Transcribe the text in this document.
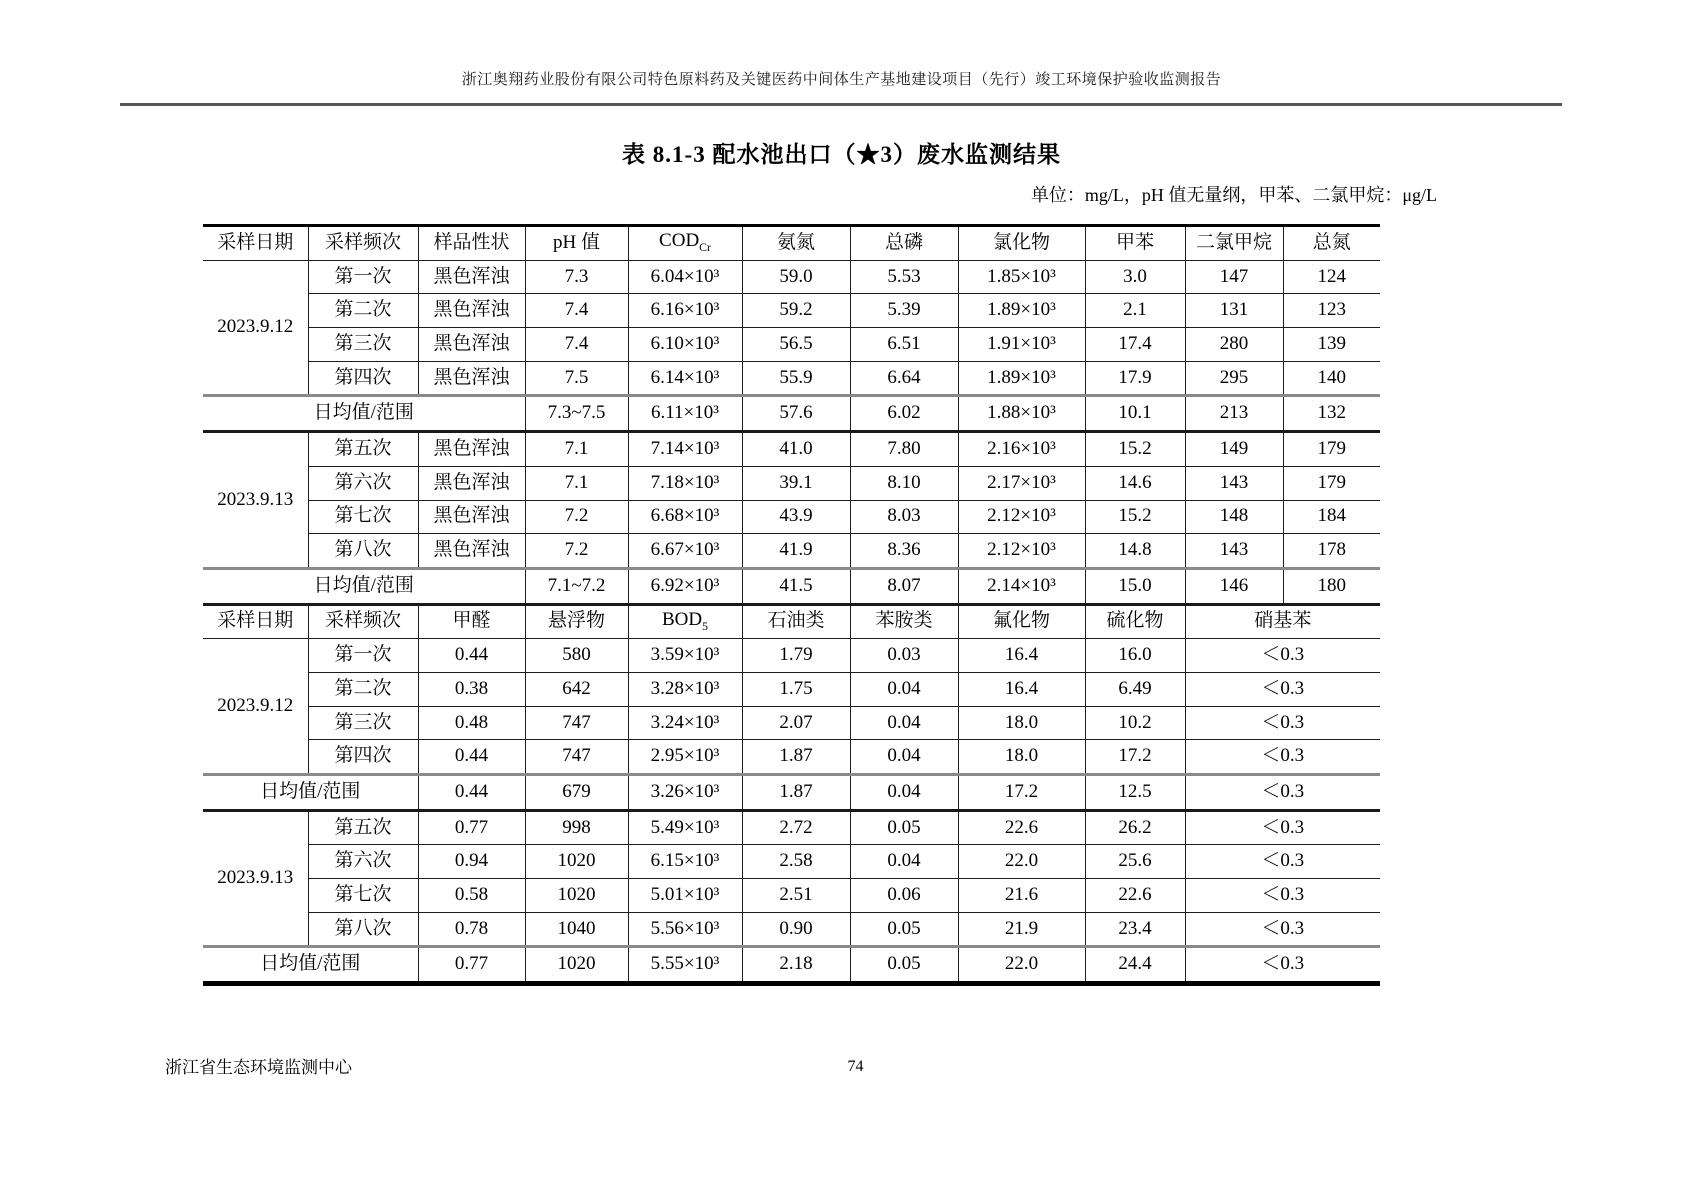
浙江奥翔药业股份有限公司特色原料药及关键医药中间体生产基地建设项目（先行）竣工环境保护验收监测报告
表 8.1-3 配水池出口（★3）废水监测结果
单位：mg/L，pH 值无量纲，甲苯、二氯甲烷：μg/L
采样日期	采样频次	样品性状	pH 值	$COD_{Cr}$	氨氮	总磷	氯化物	甲苯	二氯甲烷	总氮
2023.9.12	第一次	黑色浑浊	7.3	6.04×10³	59.0	5.53	1.85×10³	3.0	147	124
	第二次	黑色浑浊	7.4	6.16×10³	59.2	5.39	1.89×10³	2.1	131	123
	第三次	黑色浑浊	7.4	6.10×10³	56.5	6.51	1.91×10³	17.4	280	139
	第四次	黑色浑浊	7.5	6.14×10³	55.9	6.64	1.89×10³	17.9	295	140
日均值/范围			7.3~7.5	6.11×10³	57.6	6.02	1.88×10³	10.1	213	132
2023.9.13	第五次	黑色浑浊	7.1	7.14×10³	41.0	7.80	2.16×10³	15.2	149	179
	第六次	黑色浑浊	7.1	7.18×10³	39.1	8.10	2.17×10³	14.6	143	179
	第七次	黑色浑浊	7.2	6.68×10³	43.9	8.03	2.12×10³	15.2	148	184
	第八次	黑色浑浊	7.2	6.67×10³	41.9	8.36	2.12×10³	14.8	143	178
日均值/范围			7.1~7.2	6.92×10³	41.5	8.07	2.14×10³	15.0	146	180
采样日期	采样频次	甲醛	悬浮物	$BOD_5$	石油类	苯胺类	氟化物	硫化物	硝基苯	
2023.9.12	第一次	0.44	580	3.59×10³	1.79	0.03	16.4	16.0	＜0.3	
	第二次	0.38	642	3.28×10³	1.75	0.04	16.4	6.49	＜0.3	
	第三次	0.48	747	3.24×10³	2.07	0.04	18.0	10.2	＜0.3	
	第四次	0.44	747	2.95×10³	1.87	0.04	18.0	17.2	＜0.3	
日均值/范围		0.44	679	3.26×10³	1.87	0.04	17.2	12.5	＜0.3	
2023.9.13	第五次	0.77	998	5.49×10³	2.72	0.05	22.6	26.2	＜0.3	
	第六次	0.94	1020	6.15×10³	2.58	0.04	22.0	25.6	＜0.3	
	第七次	0.58	1020	5.01×10³	2.51	0.06	21.6	22.6	＜0.3	
	第八次	0.78	1040	5.56×10³	0.90	0.05	21.9	23.4	＜0.3	
日均值/范围		0.77	1020	5.55×10³	2.18	0.05	22.0	24.4	＜0.3	
浙江省生态环境监测中心	74
